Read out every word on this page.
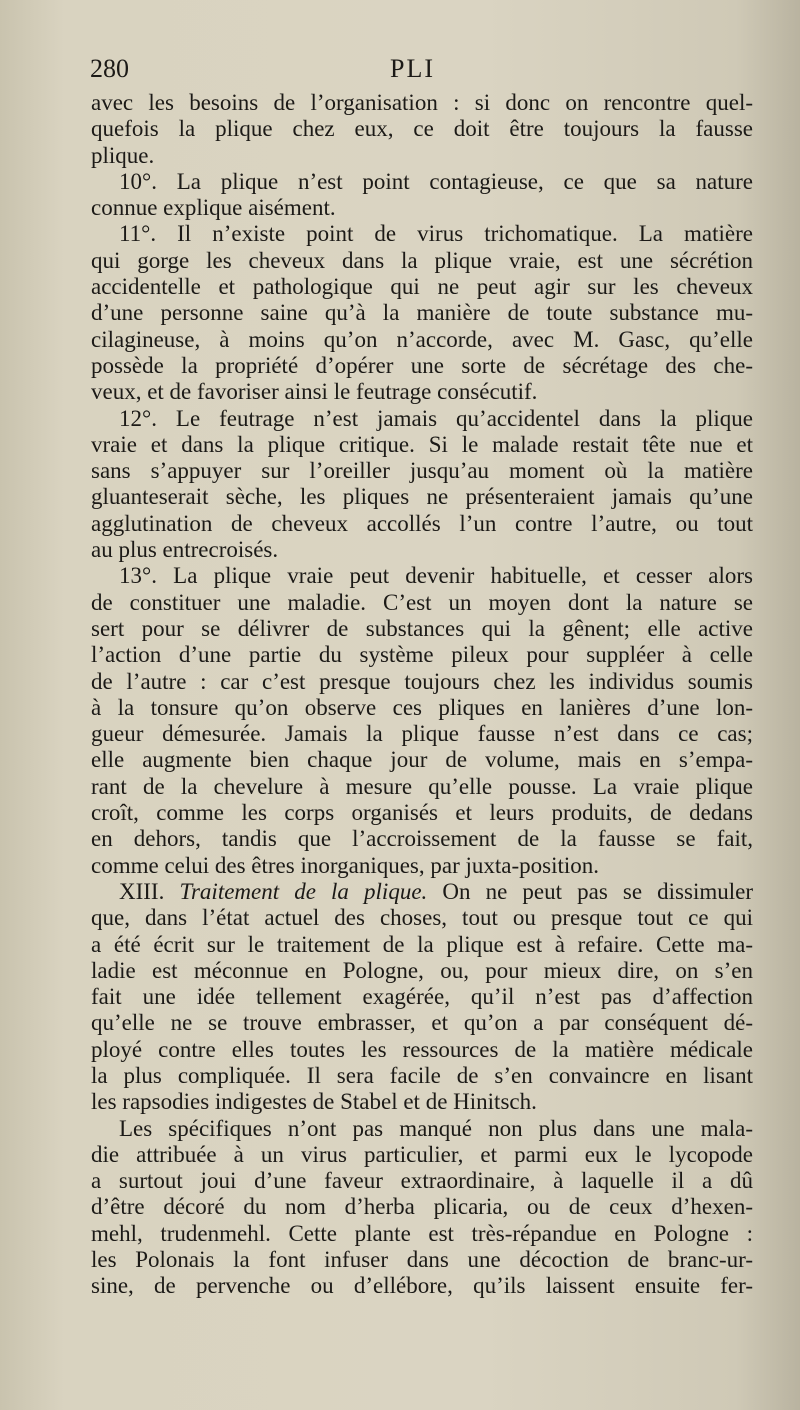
280	PLI
avec les besoins de l’organisation : si donc on rencontre quel-
quefois la plique chez eux, ce doit être toujours la fausse
plique.
10°. La plique n’est point contagieuse, ce que sa nature
connue explique aisément.
11°. Il n’existe point de virus trichomatique. La matière
qui gorge les cheveux dans la plique vraie, est une sécrétion
accidentelle et pathologique qui ne peut agir sur les cheveux
d’une personne saine qu’à la manière de toute substance mu-
cilagineuse, à moins qu’on n’accorde, avec M. Gasc, qu’elle
possède la propriété d’opérer une sorte de sécrétage des che-
veux, et de favoriser ainsi le feutrage consécutif.
12°. Le feutrage n’est jamais qu’accidentel dans la plique
vraie et dans la plique critique. Si le malade restait tête nue et
sans s’appuyer sur l’oreiller jusqu’au moment où la matière
gluanteserait sèche, les pliques ne présenteraient jamais qu’une
agglutination de cheveux accollés l’un contre l’autre, ou tout
au plus entrecroisés.
13°. La plique vraie peut devenir habituelle, et cesser alors
de constituer une maladie. C’est un moyen dont la nature se
sert pour se délivrer de substances qui la gênent; elle active
l’action d’une partie du système pileux pour suppléer à celle
de l’autre : car c’est presque toujours chez les individus soumis
à la tonsure qu’on observe ces pliques en lanières d’une lon-
gueur démesurée. Jamais la plique fausse n’est dans ce cas;
elle augmente bien chaque jour de volume, mais en s’empa-
rant de la chevelure à mesure qu’elle pousse. La vraie plique
croît, comme les corps organisés et leurs produits, de dedans
en dehors, tandis que l’accroissement de la fausse se fait,
comme celui des êtres inorganiques, par juxta-position.
XIII. Traitement de la plique. On ne peut pas se dissimuler
que, dans l’état actuel des choses, tout ou presque tout ce qui
a été écrit sur le traitement de la plique est à refaire. Cette ma-
ladie est méconnue en Pologne, ou, pour mieux dire, on s’en
fait une idée tellement exagérée, qu’il n’est pas d’affection
qu’elle ne se trouve embrasser, et qu’on a par conséquent dé-
ployé contre elles toutes les ressources de la matière médicale
la plus compliquée. Il sera facile de s’en convaincre en lisant
les rapsodies indigestes de Stabel et de Hinitsch.
Les spécifiques n’ont pas manqué non plus dans une mala-
die attribuée à un virus particulier, et parmi eux le lycopode
a surtout joui d’une faveur extraordinaire, à laquelle il a dû
d’être décoré du nom d’herba plicaria, ou de ceux d’hexen-
mehl, trudenmehl. Cette plante est très-répandue en Pologne :
les Polonais la font infuser dans une décoction de branc-ur-
sine, de pervenche ou d’ellébore, qu’ils laissent ensuite fer-
